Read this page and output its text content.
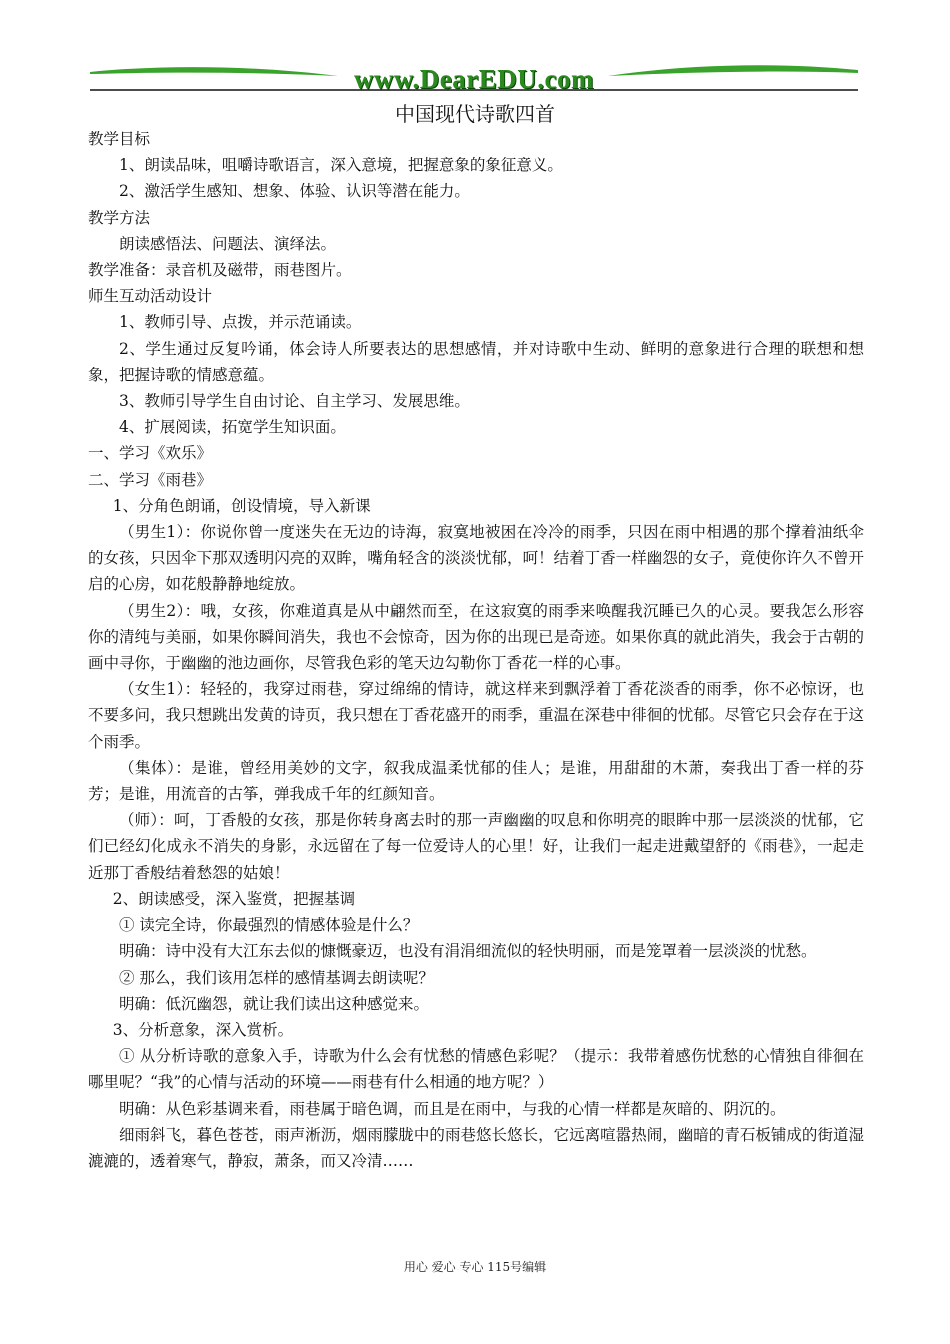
www.DearEDU.com
中国现代诗歌四首

教学目标

1、朗读品味，咀嚼诗歌语言，深入意境，把握意象的象征意义。

2、激活学生感知、想象、体验、认识等潜在能力。

教学方法

朗读感悟法、问题法、演绎法。

教学准备：录音机及磁带，雨巷图片。

师生互动活动设计

1、教师引导、点拨，并示范诵读。

2、学生通过反复吟诵，体会诗人所要表达的思想感情，并对诗歌中生动、鲜明的意象进行合理的联想和想象，把握诗歌的情感意蕴。

3、教师引导学生自由讨论、自主学习、发展思维。

4、扩展阅读，拓宽学生知识面。

一、学习《欢乐》

二、学习《雨巷》

1、分角色朗诵，创设情境，导入新课

（男生1）：你说你曾一度迷失在无边的诗海，寂寞地被困在冷冷的雨季，只因在雨中相遇的那个撑着油纸伞的女孩，只因伞下那双透明闪亮的双眸，嘴角轻含的淡淡忧郁，呵！结着丁香一样幽怨的女子，竟使你许久不曾开启的心房，如花般静静地绽放。

（男生2）：哦，女孩，你难道真是从中翩然而至，在这寂寞的雨季来唤醒我沉睡已久的心灵。要我怎么形容你的清纯与美丽，如果你瞬间消失，我也不会惊奇，因为你的出现已是奇迹。如果你真的就此消失，我会于古朝的画中寻你，于幽幽的池边画你，尽管我色彩的笔天边勾勒你丁香花一样的心事。

（女生1）：轻轻的，我穿过雨巷，穿过绵绵的情诗，就这样来到飘浮着丁香花淡香的雨季，你不必惊讶，也不要多问，我只想跳出发黄的诗页，我只想在丁香花盛开的雨季，重温在深巷中徘徊的忧郁。尽管它只会存在于这个雨季。

（集体）：是谁，曾经用美妙的文字，叙我成温柔忧郁的佳人；是谁，用甜甜的木萧，奏我出丁香一样的芬芳；是谁，用流音的古筝，弹我成千年的红颜知音。

（师）：呵，丁香般的女孩，那是你转身离去时的那一声幽幽的叹息和你明亮的眼眸中那一层淡淡的忧郁，它们已经幻化成永不消失的身影，永远留在了每一位爱诗人的心里！好，让我们一起走进戴望舒的《雨巷》，一起走近那丁香般结着愁怨的姑娘！

2、朗读感受，深入鉴赏，把握基调

① 读完全诗，你最强烈的情感体验是什么？

明确：诗中没有大江东去似的慷慨豪迈，也没有涓涓细流似的轻快明丽，而是笼罩着一层淡淡的忧愁。

② 那么，我们该用怎样的感情基调去朗读呢？

明确：低沉幽怨，就让我们读出这种感觉来。

3、分析意象，深入赏析。

① 从分析诗歌的意象入手，诗歌为什么会有忧愁的情感色彩呢？（提示：我带着感伤忧愁的心情独自徘徊在哪里呢？“我”的心情与活动的环境——雨巷有什么相通的地方呢？）

明确：从色彩基调来看，雨巷属于暗色调，而且是在雨中，与我的心情一样都是灰暗的、阴沉的。

细雨斜飞，暮色苍苍，雨声淅沥，烟雨朦胧中的雨巷悠长悠长，它远离喧嚣热闹，幽暗的青石板铺成的街道湿漉漉的，透着寒气，静寂，萧条，而又冷清……

用心 爱心 专心 115号编辑
